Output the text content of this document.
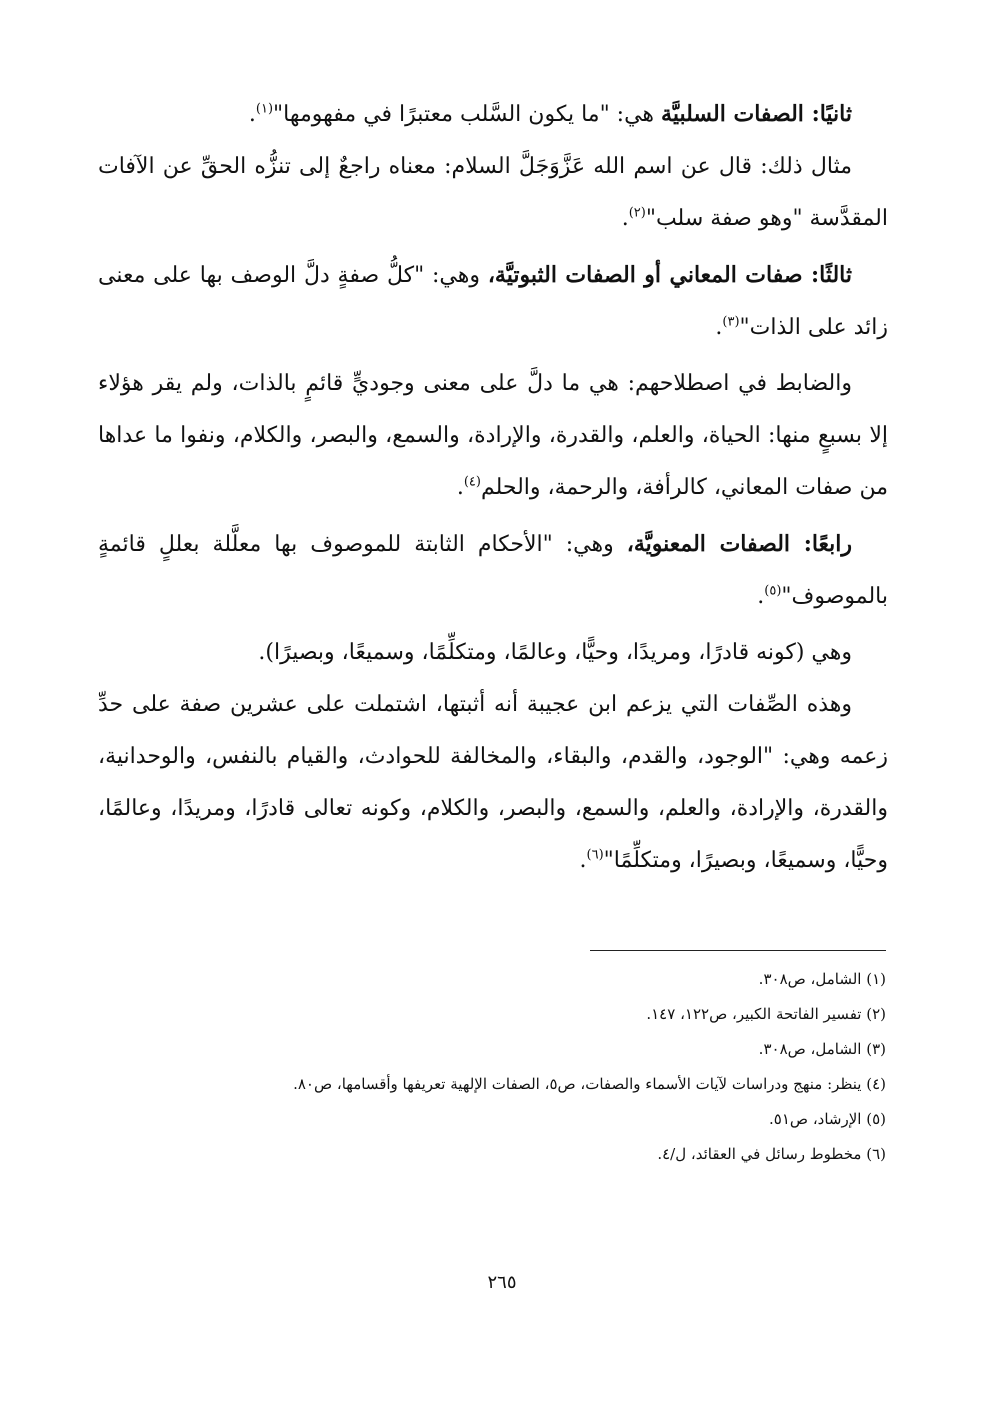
ثانيًا: الصفات السلبيَّة هي: "ما يكون السَّلب معتبرًا في مفهومها"$^{(١)}$.

مثال ذلك: قال عن اسم الله عَزَّوَجَلَّ السلام: معناه راجعٌ إلى تنزُّه الحقِّ عن الآفات المقدَّسة "وهو صفة سلب"$^{(٢)}$.

ثالثًا: صفات المعاني أو الصفات الثبوتيَّة، وهي: "كلُّ صفةٍ دلَّ الوصف بها على معنى زائد على الذات"$^{(٣)}$.

والضابط في اصطلاحهم: هي ما دلَّ على معنى وجوديٍّ قائمٍ بالذات، ولم يقر هؤلاء إلا بسبعٍ منها: الحياة، والعلم، والقدرة، والإرادة، والسمع، والبصر، والكلام، ونفوا ما عداها من صفات المعاني، كالرأفة، والرحمة، والحلم$^{(٤)}$.

رابعًا: الصفات المعنويَّة، وهي: "الأحكام الثابتة للموصوف بها معلَّلة بعللٍ قائمةٍ بالموصوف"$^{(٥)}$.

وهي (كونه قادرًا، ومريدًا، وحيًّا، وعالمًا، ومتكلِّمًا، وسميعًا، وبصيرًا).

وهذه الصِّفات التي يزعم ابن عجيبة أنه أثبتها، اشتملت على عشرين صفة على حدِّ زعمه وهي: "الوجود، والقدم، والبقاء، والمخالفة للحوادث، والقيام بالنفس، والوحدانية، والقدرة، والإرادة، والعلم، والسمع، والبصر، والكلام، وكونه تعالى قادرًا، ومريدًا، وعالمًا، وحيًّا، وسميعًا، وبصيرًا، ومتكلِّمًا"$^{(٦)}$.

(١) الشامل، ص٣٠٨.

(٢) تفسير الفاتحة الكبير، ص١٢٢، ١٤٧.

(٣) الشامل، ص٣٠٨.

(٤) ينظر: منهج ودراسات لآيات الأسماء والصفات، ص٥، الصفات الإلهية تعريفها وأقسامها، ص٨٠.

(٥) الإرشاد، ص٥١.

(٦) مخطوط رسائل في العقائد، ل/٤.

٢٦٥
